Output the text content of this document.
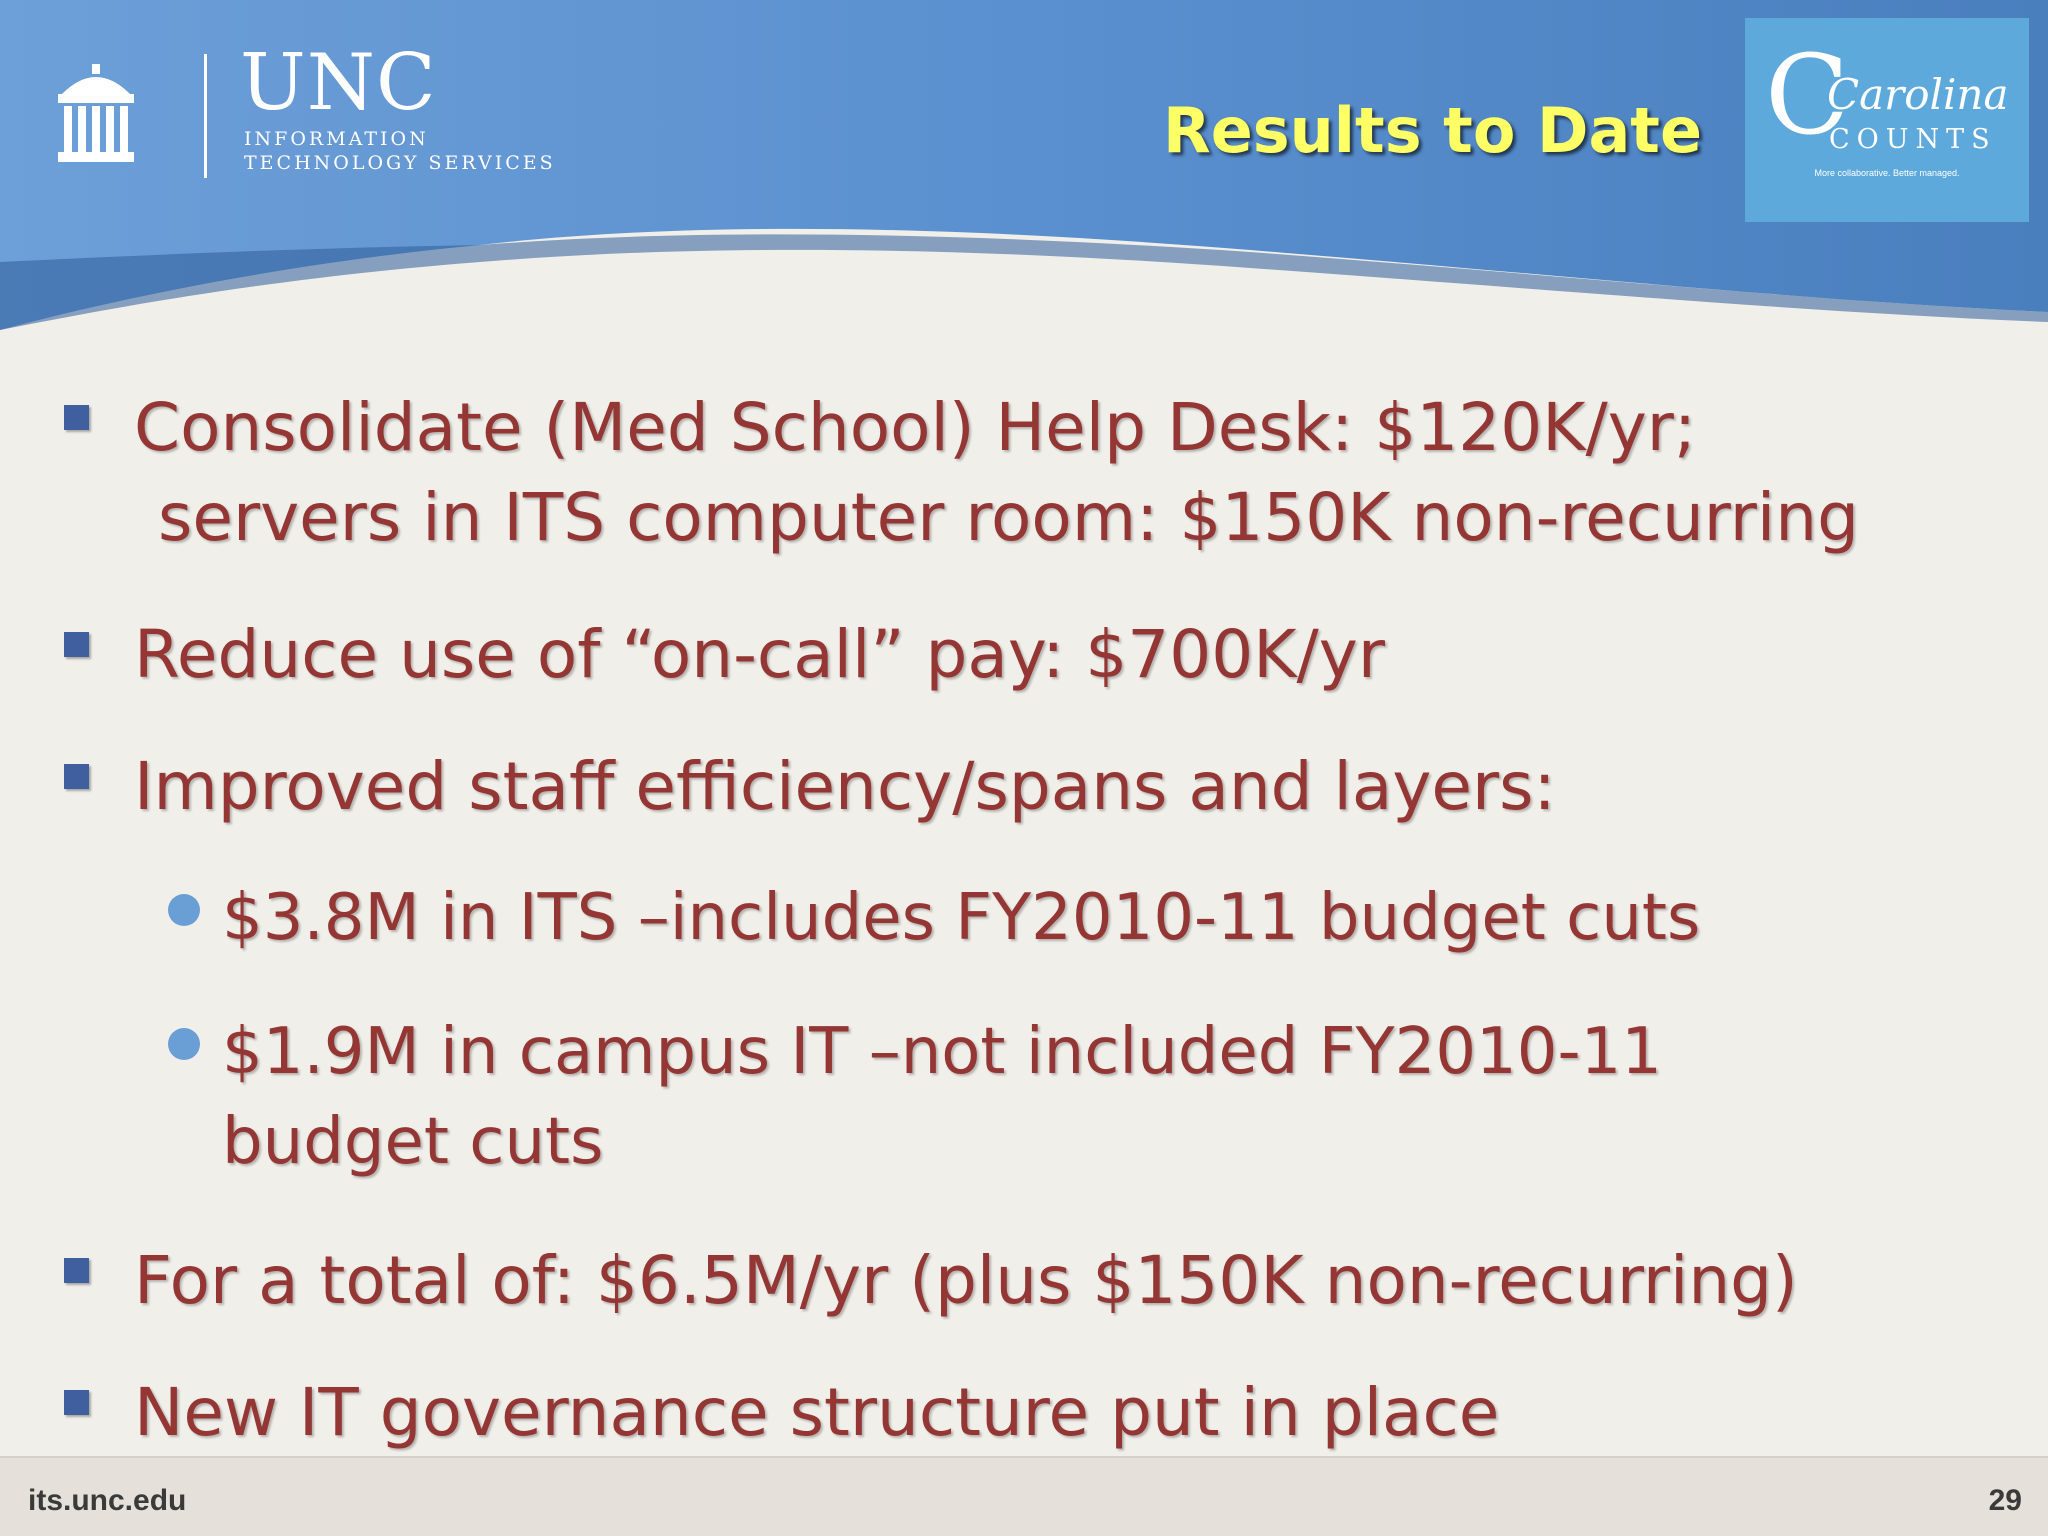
UNC
INFORMATION
TECHNOLOGY SERVICES	Results to Date C
Carolina
COUNTS
More collaborative. Better managed.
Consolidate (Med School) Help Desk: $120K/yr;
servers in ITS computer room: $150K non-recurring
Reduce use of “on-call” pay: $700K/yr
Improved staff efficiency/spans and layers:
$3.8M in ITS –includes FY2010-11 budget cuts
$1.9M in campus IT –not included FY2010-11
budget cuts
For a total of: $6.5M/yr (plus $150K non-recurring)
New IT governance structure put in place
its.unc.edu	29
